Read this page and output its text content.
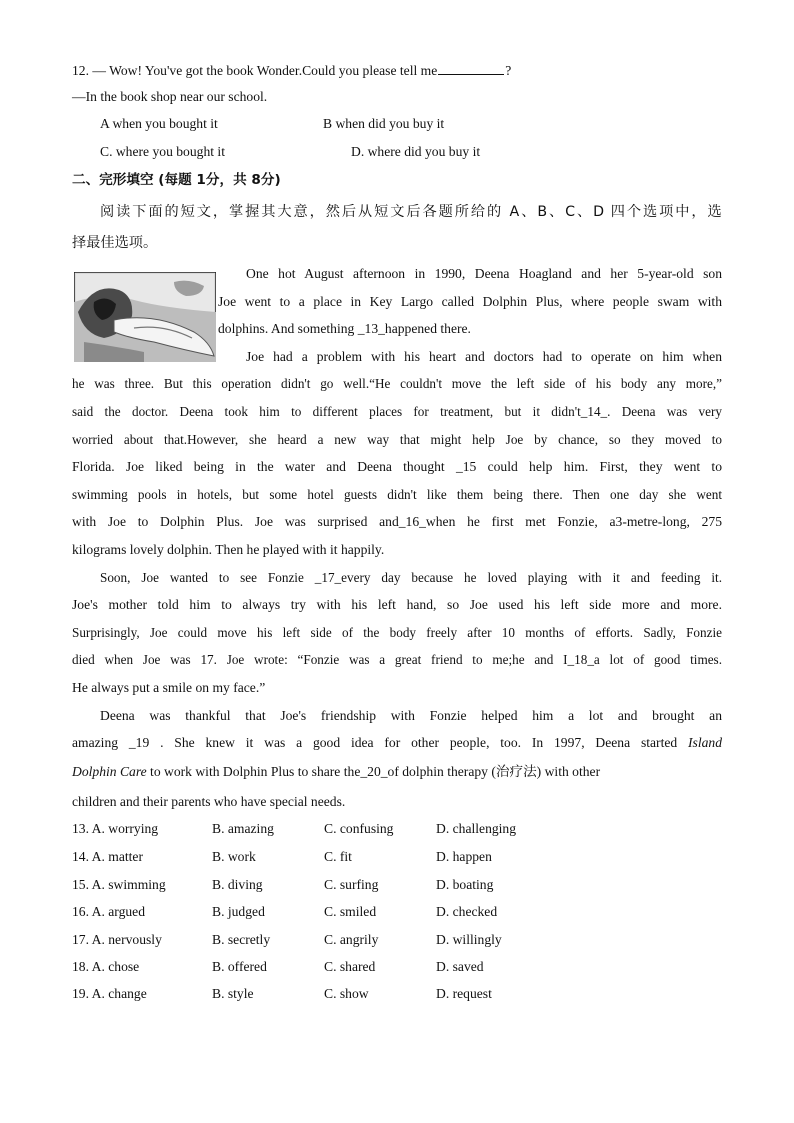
12. — Wow! You've got the book Wonder.Could you please tell me	?
—In the book shop near our school.
A when you bought it	B when did you buy it
C. where you bought it	D. where did you buy it
二、完形填空 (每题 1分，共 8分)
阅读下面的短文，掌握其大意，然后从短文后各题所给的 A、B、C、D 四个选项中，选
择最佳选项。
One hot August afternoon in 1990, Deena Hoagland and her 5-year-old son
Joe went to a place in Key Largo called Dolphin Plus, where people swam with
dolphins. And something _13_happened there.
Joe had a problem with his heart and doctors had to operate on him when
he was three. But this operation didn't go well.“He couldn't move the left side of his body any more,”
said the doctor. Deena took him to different places for treatment, but it didn't_14_. Deena was very
worried about that.However, she heard a new way that might help Joe by chance, so they moved to
Florida. Joe liked being in the water and Deena thought _15 could help him. First, they went to
swimming pools in hotels, but some hotel guests didn't like them being there. Then one day she went
with Joe to Dolphin Plus. Joe was surprised and_16_when he first met Fonzie, a3-metre-long, 275
kilograms lovely dolphin. Then he played with it happily.
Soon, Joe wanted to see Fonzie _17_every day because he loved playing with it and feeding it.
Joe's mother told him to always try with his left hand, so Joe used his left side more and more.
Surprisingly, Joe could move his left side of the body freely after 10 months of efforts. Sadly, Fonzie
died when Joe was 17. Joe wrote: “Fonzie was a great friend to me;he and I_18_a lot of good times.
He always put a smile on my face.”
Deena was thankful that Joe's friendship with Fonzie helped him a lot and brought an
amazing _19 . She knew it was a good idea for other people, too. In 1997, Deena started Island
Dolphin Care to work with Dolphin Plus to share the_20_of dolphin therapy (治疗法) with other
children and their parents who have special needs.
13. A. worrying	B. amazing	C. confusing	D. challenging
14. A. matter	B. work	C. fit	D. happen
15. A. swimming	B. diving	C. surfing	D. boating
16. A. argued	B. judged	C. smiled	D. checked
17. A. nervously	B. secretly	C. angrily	D. willingly
18. A. chose	B. offered	C. shared	D. saved
19. A. change	B. style	C. show	D. request
